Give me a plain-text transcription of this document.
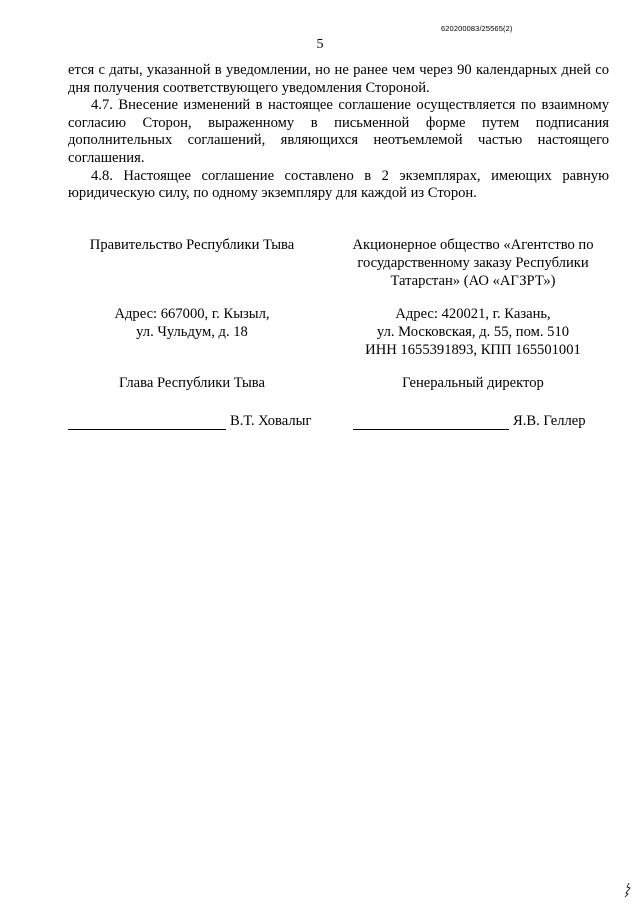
620200083/25565(2)
5

ется с даты, указанной в уведомлении, но не ранее чем через 90 календарных дней со дня получения соответствующего уведомления Стороной.

4.7. Внесение изменений в настоящее соглашение осуществляется по взаимному согласию Сторон, выраженному в письменной форме путем подписания дополнительных соглашений, являющихся неотъемлемой частью настоящего соглашения.

4.8. Настоящее соглашение составлено в 2 экземплярах, имеющих равную юридическую силу, по одному экземпляру для каждой из Сторон.

Правительство Республики Тыва
Адрес: 667000, г. Кызыл,
ул. Чульдум, д. 18
Глава Республики Тыва
В.Т. Ховалыг
Акционерное общество «Агентство по
государственному заказу Республики
Татарстан» (АО «АГЗРТ»)
Адрес: 420021, г. Казань,
ул. Московская, д. 55, пом. 510
ИНН 1655391893, КПП 165501001
Генеральный директор
Я.В. Геллер
